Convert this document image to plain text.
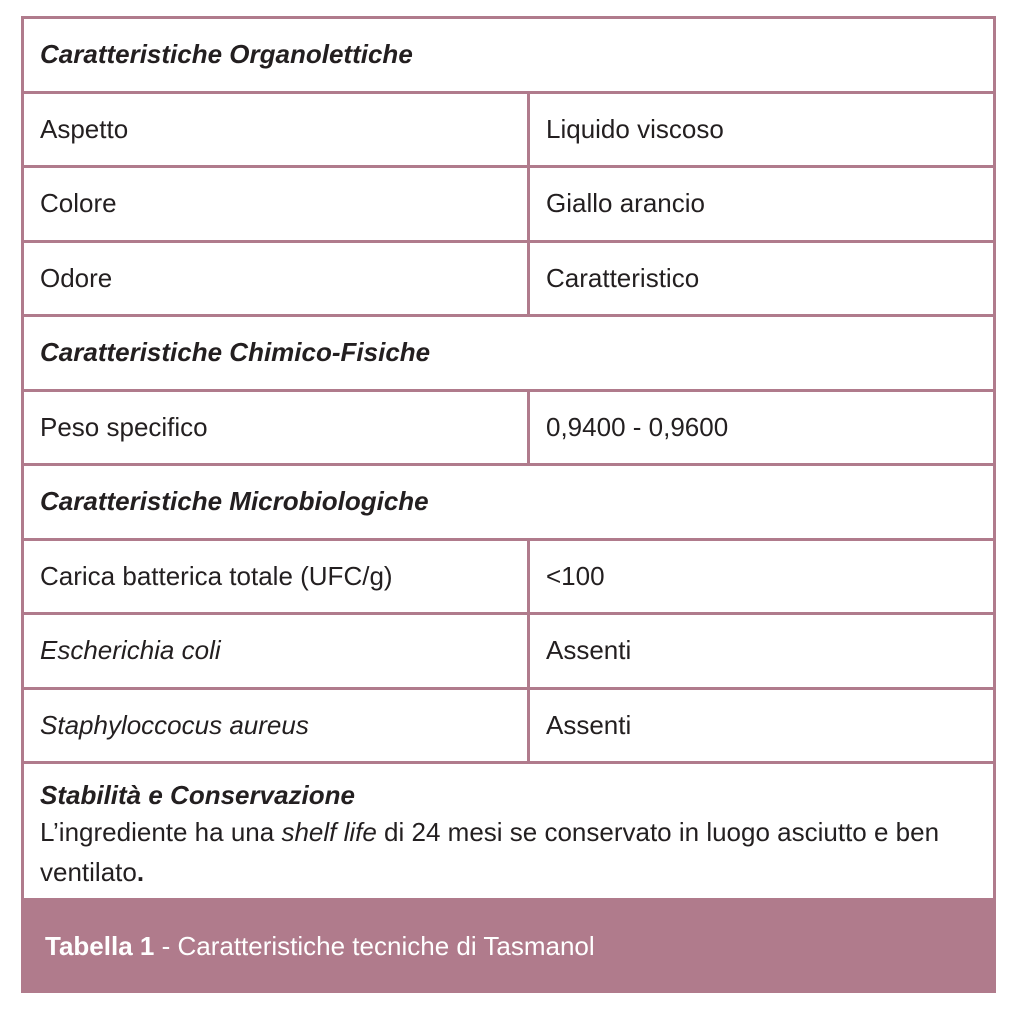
Caratteristiche Organolettiche
Aspetto	Liquido viscoso
Colore	Giallo arancio
Odore	Caratteristico
Caratteristiche Chimico-Fisiche
Peso specifico	0,9400 - 0,9600
Caratteristiche Microbiologiche
Carica batterica totale (UFC/g)	<100
Escherichia coli	Assenti
Staphyloccocus aureus	Assenti
Stabilità e Conservazione
L’ingrediente ha una shelf life di 24 mesi se conservato in luogo asciutto e ben ventilato.
Tabella 1 - Caratteristiche tecniche di Tasmanol
